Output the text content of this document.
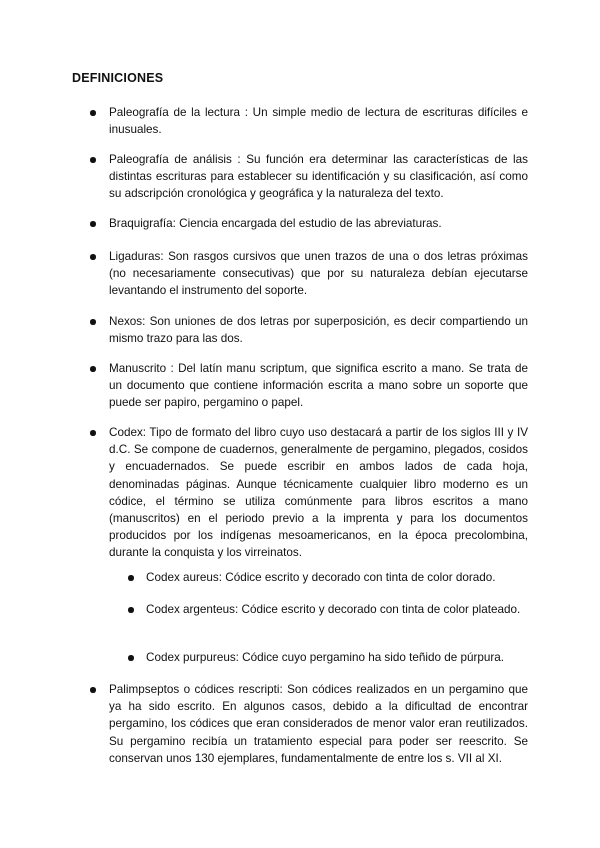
DEFINICIONES
Paleografía de la lectura : Un simple medio de lectura de escrituras difíciles e inusuales.
Paleografía de análisis : Su función era determinar las características de las distintas escrituras para establecer su identificación y su clasificación, así como su adscripción cronológica y geográfica y la naturaleza del texto.
Braquigrafía: Ciencia encargada del estudio de las abreviaturas.
Ligaduras: Son rasgos cursivos que unen trazos de una o dos letras próximas (no necesariamente consecutivas) que por su naturaleza debían ejecutarse levantando el instrumento del soporte.
Nexos: Son uniones de dos letras por superposición, es decir compartiendo un mismo trazo para las dos.
Manuscrito : Del latín manu scriptum, que significa escrito a mano. Se trata de un documento que contiene información escrita a mano sobre un soporte que puede ser papiro, pergamino o papel.
Codex: Tipo de formato del libro cuyo uso destacará a partir de los siglos III y IV d.C. Se compone de cuadernos, generalmente de pergamino, plegados, cosidos y encuadernados. Se puede escribir en ambos lados de cada hoja, denominadas páginas. Aunque técnicamente cualquier libro moderno es un códice, el término se utiliza comúnmente para libros escritos a mano (manuscritos) en el periodo previo a la imprenta y para los documentos producidos por los indígenas mesoamericanos, en la época precolombina, durante la conquista y los virreinatos.
Codex aureus: Códice escrito y decorado con tinta de color dorado.
Codex argenteus: Códice escrito y decorado con tinta de color plateado.
Codex purpureus: Códice cuyo pergamino ha sido teñido de púrpura.
Palimpseptos o códices rescripti: Son códices realizados en un pergamino que ya ha sido escrito. En algunos casos, debido a la dificultad de encontrar pergamino, los códices que eran considerados de menor valor eran reutilizados. Su pergamino recibía un tratamiento especial para poder ser reescrito. Se conservan unos 130 ejemplares, fundamentalmente de entre los s. VII al XI.
